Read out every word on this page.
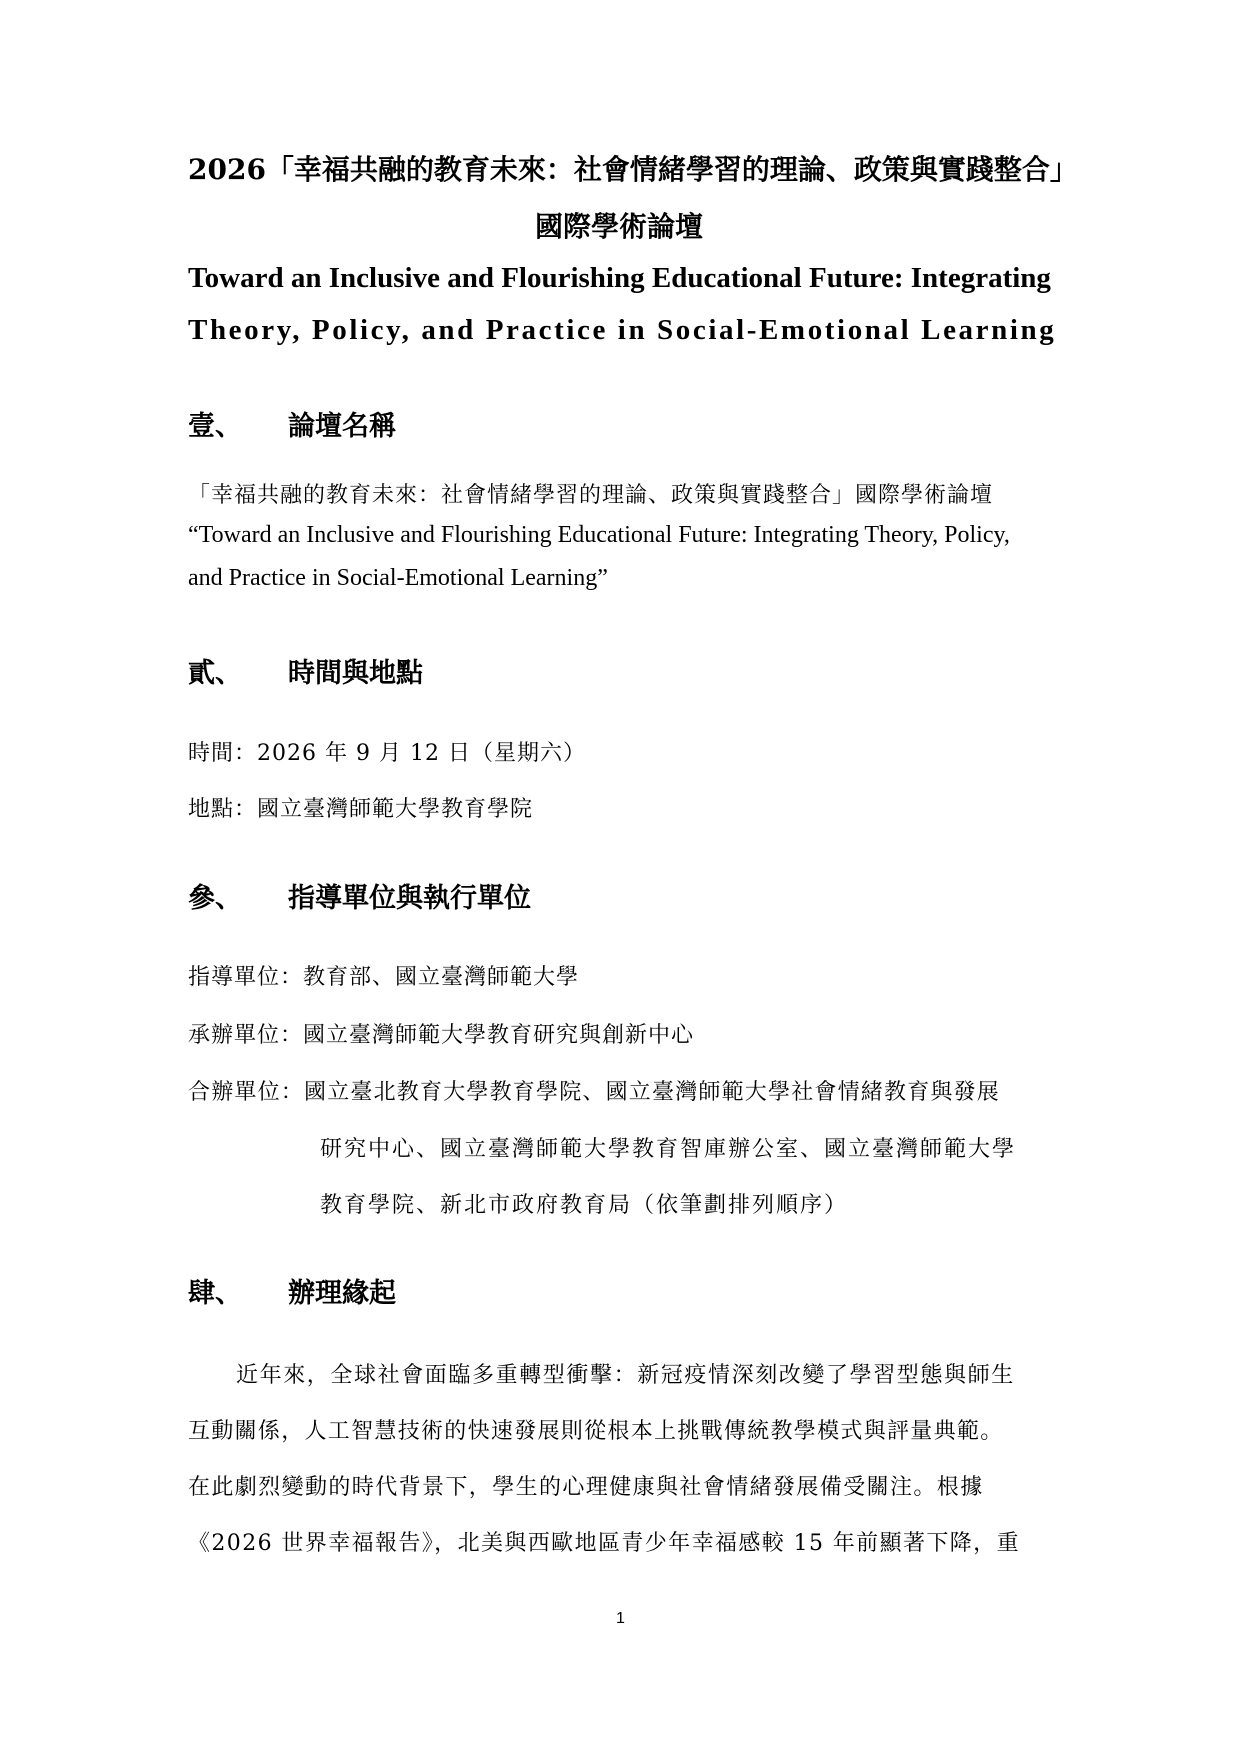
2026「幸福共融的教育未來：社會情緒學習的理論、政策與實踐整合」
國際學術論壇
Toward an Inclusive and Flourishing Educational Future: Integrating
Theory, Policy, and Practice in Social-Emotional Learning
壹、 論壇名稱
「幸福共融的教育未來：社會情緒學習的理論、政策與實踐整合」國際學術論壇
“Toward an Inclusive and Flourishing Educational Future: Integrating Theory, Policy,
and Practice in Social-Emotional Learning”
貳、 時間與地點
時間：2026 年 9 月 12 日（星期六）
地點：國立臺灣師範大學教育學院
參、 指導單位與執行單位
指導單位：教育部、國立臺灣師範大學
承辦單位：國立臺灣師範大學教育研究與創新中心
合辦單位：國立臺北教育大學教育學院、國立臺灣師範大學社會情緒教育與發展
研究中心、國立臺灣師範大學教育智庫辦公室、國立臺灣師範大學
教育學院、新北市政府教育局（依筆劃排列順序）
肆、 辦理緣起
近年來，全球社會面臨多重轉型衝擊：新冠疫情深刻改變了學習型態與師生
互動關係，人工智慧技術的快速發展則從根本上挑戰傳統教學模式與評量典範。
在此劇烈變動的時代背景下，學生的心理健康與社會情緒發展備受關注。根據
《2026 世界幸福報告》，北美與西歐地區青少年幸福感較 15 年前顯著下降，重
1
